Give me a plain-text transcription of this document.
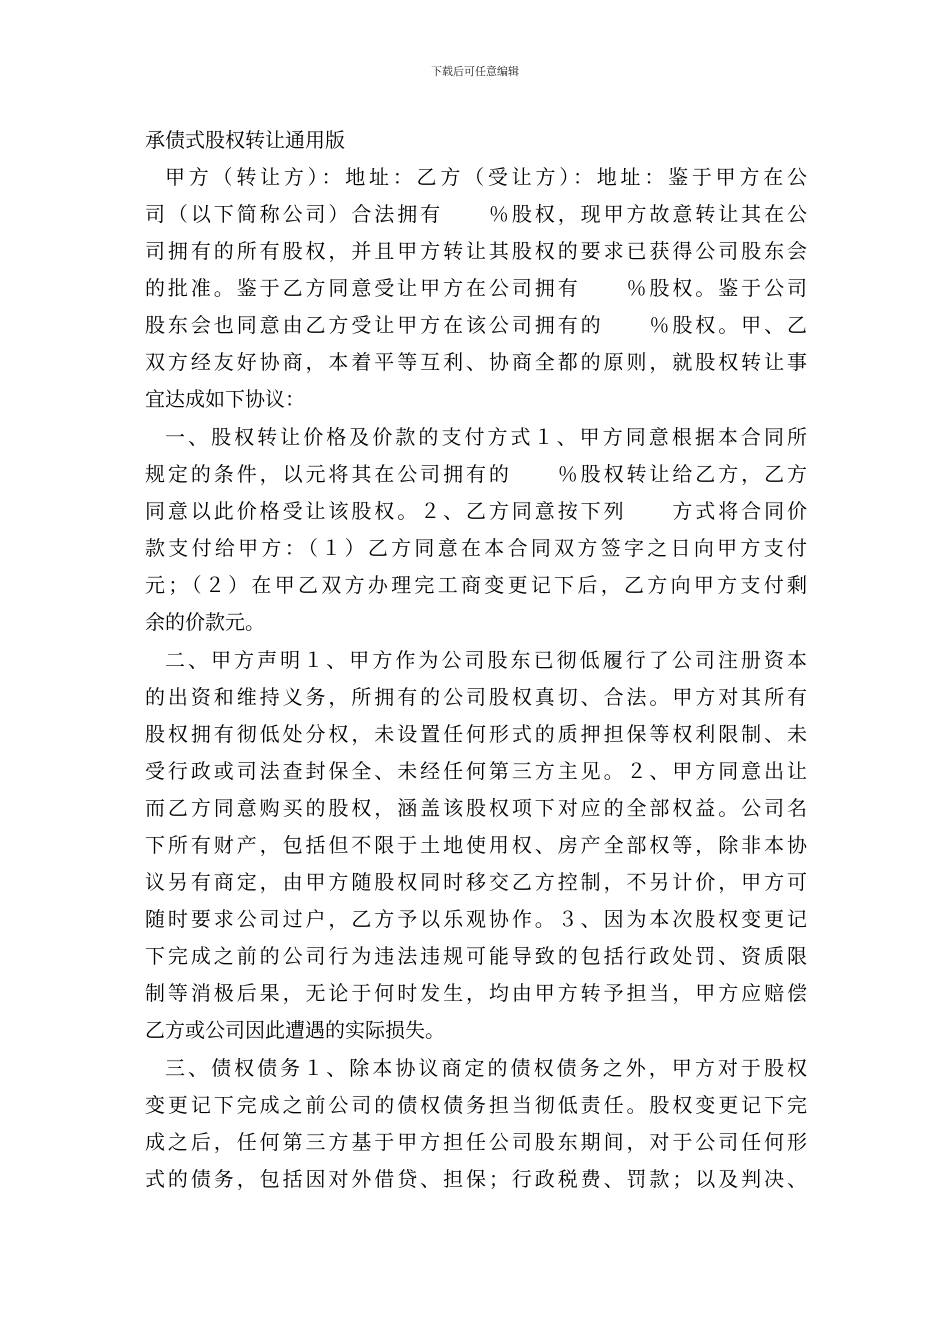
下载后可任意编辑
承债式股权转让通用版
甲方（转让方）：地址：乙方（受让方）：地址：鉴于甲方在公
司（以下简称公司）合法拥有　　％股权，现甲方故意转让其在公
司拥有的所有股权，并且甲方转让其股权的要求已获得公司股东会
的批准。鉴于乙方同意受让甲方在公司拥有　　％股权。鉴于公司
股东会也同意由乙方受让甲方在该公司拥有的　　％股权。甲、乙
双方经友好协商，本着平等互利、协商全都的原则，就股权转让事
宜达成如下协议：
一、股权转让价格及价款的支付方式１、甲方同意根据本合同所
规定的条件，以元将其在公司拥有的　　％股权转让给乙方，乙方
同意以此价格受让该股权。２、乙方同意按下列　　方式将合同价
款支付给甲方：（１）乙方同意在本合同双方签字之日向甲方支付
元；（２）在甲乙双方办理完工商变更记下后，乙方向甲方支付剩
余的价款元。
二、甲方声明１、甲方作为公司股东已彻低履行了公司注册资本
的出资和维持义务，所拥有的公司股权真切、合法。甲方对其所有
股权拥有彻低处分权，未设置任何形式的质押担保等权利限制、未
受行政或司法查封保全、未经任何第三方主见。２、甲方同意出让
而乙方同意购买的股权，涵盖该股权项下对应的全部权益。公司名
下所有财产，包括但不限于土地使用权、房产全部权等，除非本协
议另有商定，由甲方随股权同时移交乙方控制，不另计价，甲方可
随时要求公司过户，乙方予以乐观协作。３、因为本次股权变更记
下完成之前的公司行为违法违规可能导致的包括行政处罚、资质限
制等消极后果，无论于何时发生，均由甲方转予担当，甲方应赔偿
乙方或公司因此遭遇的实际损失。
三、债权债务１、除本协议商定的债权债务之外，甲方对于股权
变更记下完成之前公司的债权债务担当彻低责任。股权变更记下完
成之后，任何第三方基于甲方担任公司股东期间，对于公司任何形
式的债务，包括因对外借贷、担保；行政税费、罚款；以及判决、
